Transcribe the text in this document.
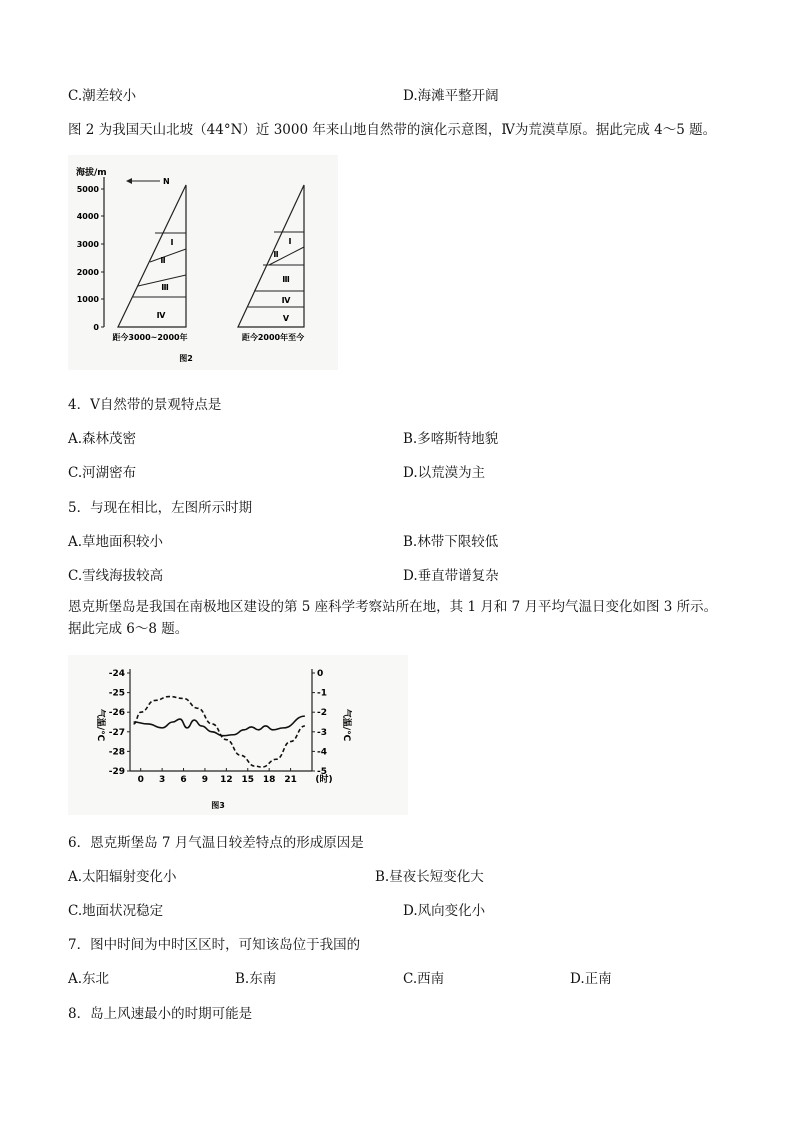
C.潮差较小	D.海滩平整开阔
图 2 为我国天山北坡（44°N）近 3000 年来山地自然带的演化示意图，Ⅳ为荒漠草原。据此完成 4～5 题。
海拔/m
5000
4000
3000
2000
1000
0
N
Ⅰ
Ⅱ
Ⅲ
Ⅳ
距今3000~2000年
Ⅰ
Ⅱ
Ⅲ
Ⅳ
Ⅴ
距今2000年至今
图2
4．Ⅴ自然带的景观特点是
A.森林茂密	B.多喀斯特地貌
C.河湖密布	D.以荒漠为主
5．与现在相比，左图所示时期
A.草地面积较小	B.林带下限较低
C.雪线海拔较高	D.垂直带谱复杂
恩克斯堡岛是我国在南极地区建设的第 5 座科学考察站所在地，其 1 月和 7 月平均气温日变化如图 3 所示。据此完成 6～8 题。
-24
-25
-26
-27
-28
-29
0
-1
-2
-3
-4
-5
0 3 6 9 12 15 18 21 (时)
气温/℃	气温/℃
图3
6．恩克斯堡岛 7 月气温日较差特点的形成原因是
A.太阳辐射变化小	B.昼夜长短变化大
C.地面状况稳定	D.风向变化小
7．图中时间为中时区区时，可知该岛位于我国的
A.东北	B.东南	C.西南	D.正南
8．岛上风速最小的时期可能是
